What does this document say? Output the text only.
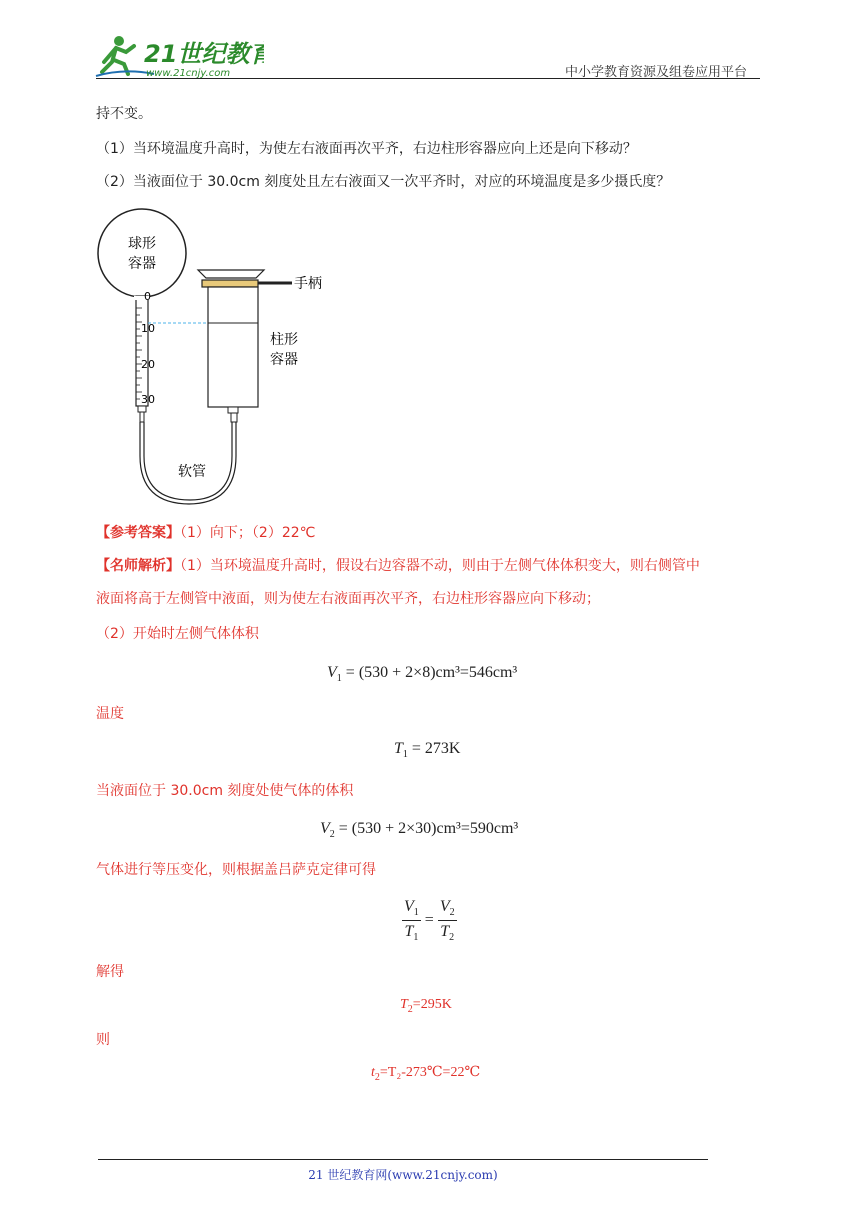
21世纪教育
www.21cnjy.com	中小学教育资源及组卷应用平台
持不变。
（1）当环境温度升高时，为使左右液面再次平齐，右边柱形容器应向上还是向下移动？
（2）当液面位于 30.0cm 刻度处且左右液面又一次平齐时，对应的环境温度是多少摄氏度？
球形
容器
0
10
20
30
软管
手柄
柱形
容器
【参考答案】（1）向下；（2）22℃
【名师解析】（1）当环境温度升高时，假设右边容器不动，则由于左侧气体体积变大，则右侧管中
液面将高于左侧管中液面，则为使左右液面再次平齐，右边柱形容器应向下移动；
（2）开始时左侧气体体积
$V_1 = (530 + 2\times 8)cm^3=546cm^3$
温度
$T_1 = 273K$
当液面位于 30.0cm 刻度处使气体的体积
$V_2 = (530 + 2\times 30)cm^3=590cm^3$
气体进行等压变化，则根据盖吕萨克定律可得
$\frac{V_1}{T_1} = \frac{V_2}{T_2}$
解得
$T_2=295K$
则
$t_2=T_2-273℃=22℃$
21 世纪教育网(www.21cnjy.com)
